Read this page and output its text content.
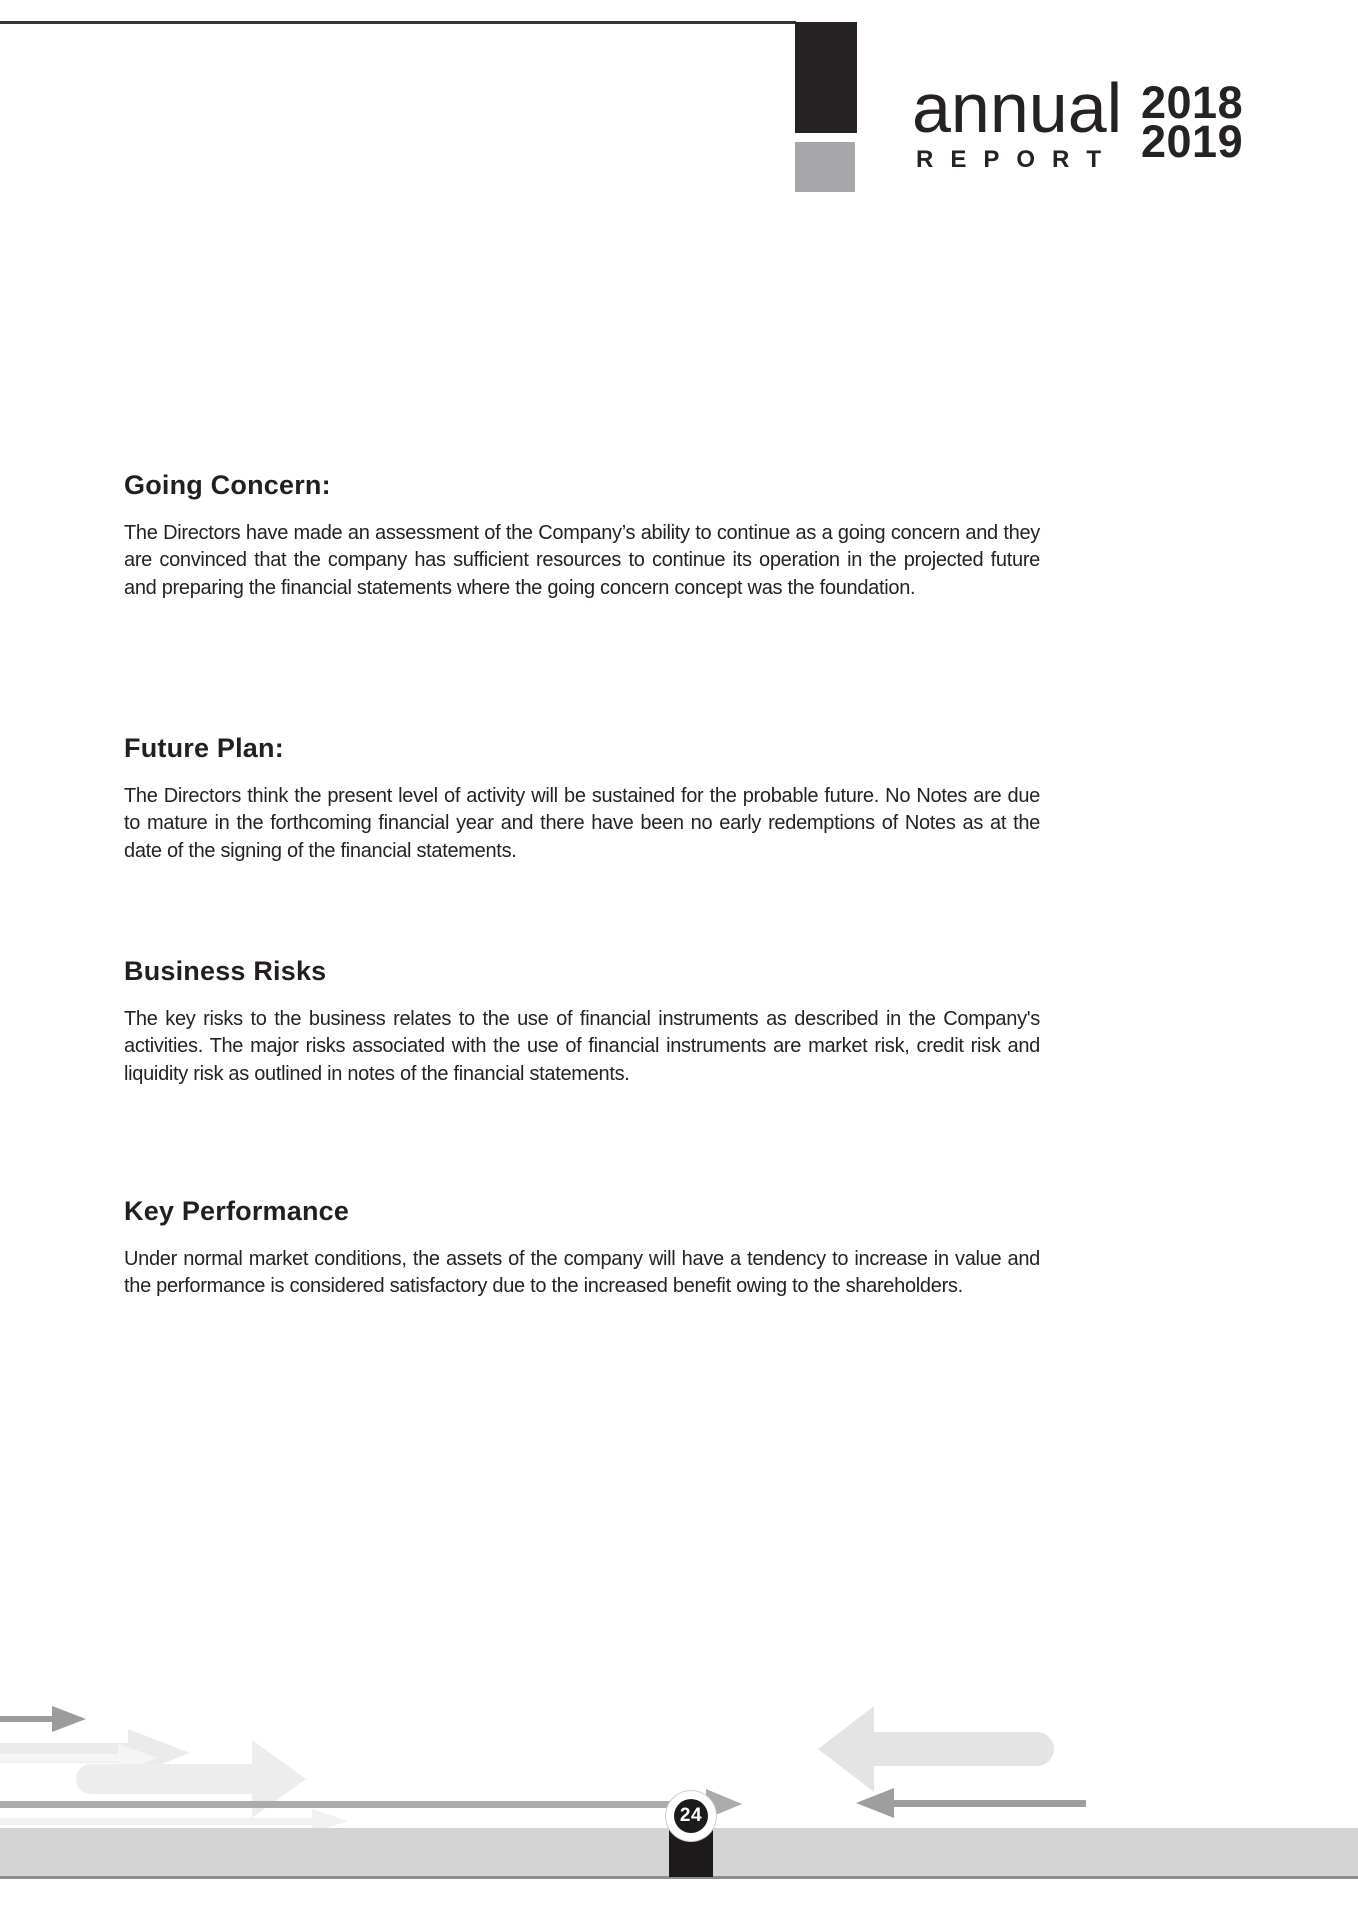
annual
REPORT
2018
2019
Going Concern:

The Directors have made an assessment of the Company’s ability to continue as a going concern and they are convinced that the company has sufficient resources to continue its operation in the projected future and preparing the financial statements where the going concern concept was the foundation.

Future Plan:

The Directors think the present level of activity will be sustained for the probable future. No Notes are due to mature in the forthcoming financial year and there have been no early redemptions of Notes as at the date of the signing of the financial statements.

Business Risks

The key risks to the business relates to the use of financial instruments as described in the Company's activities. The major risks associated with the use of financial instruments are market risk, credit risk and liquidity risk as outlined in notes of the financial statements.

Key Performance

Under normal market conditions, the assets of the company will have a tendency to increase in value and the performance is considered satisfactory due to the increased benefit owing to the shareholders.

24
